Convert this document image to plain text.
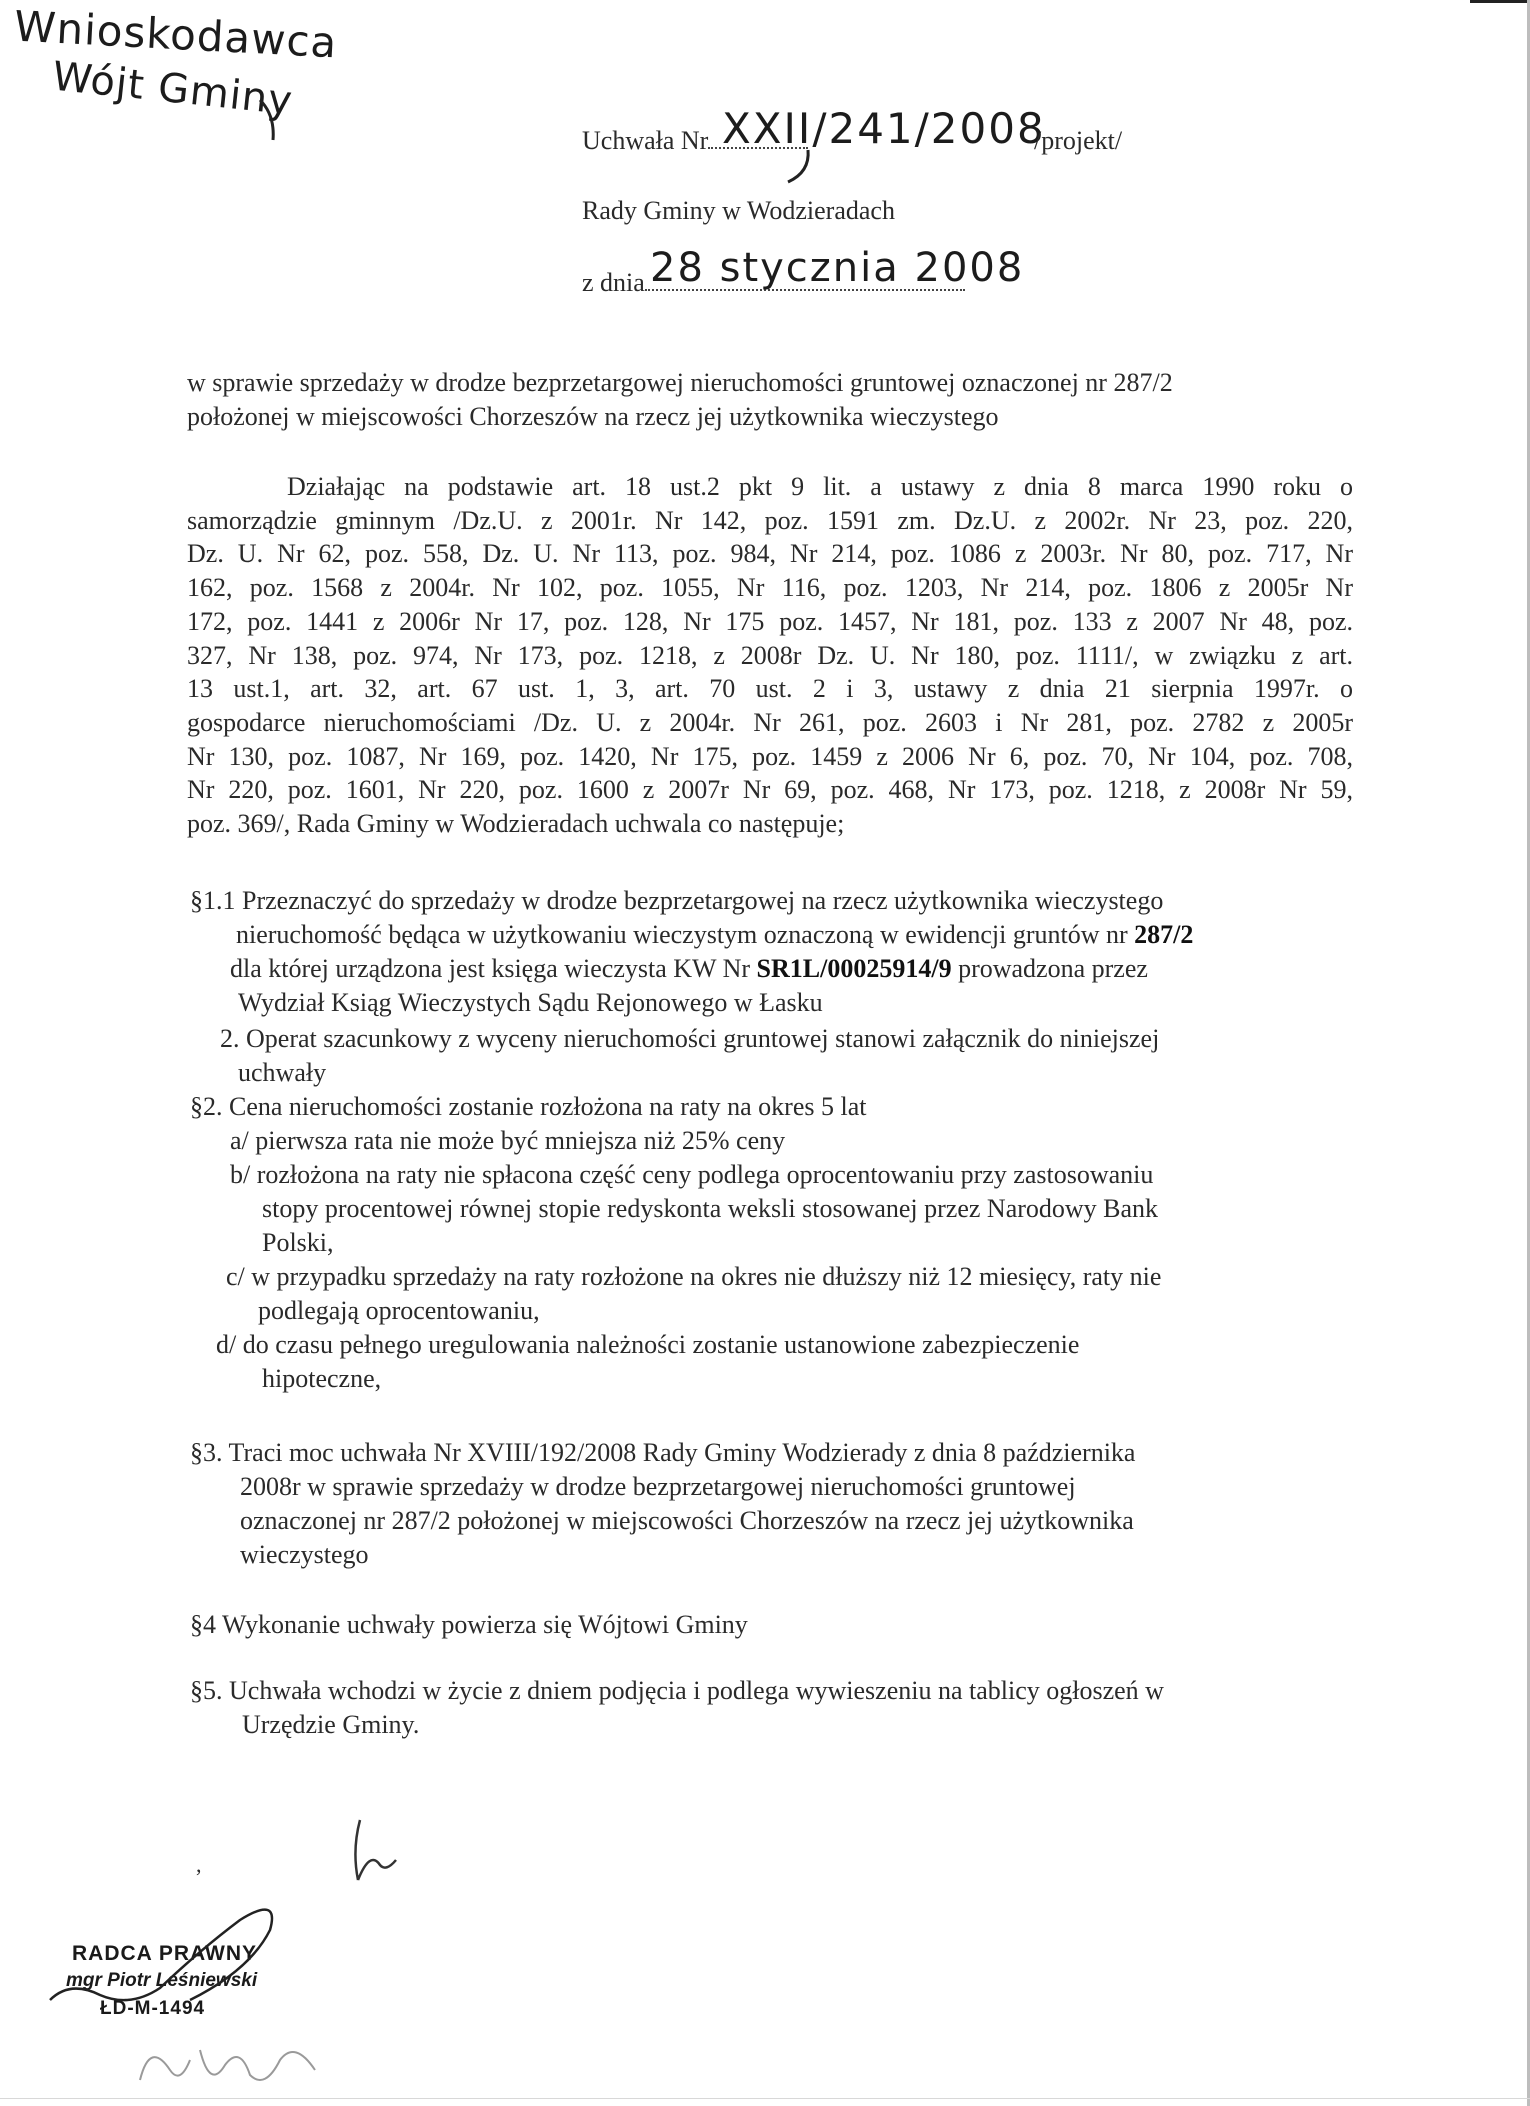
Wnioskodawca
Wójt Gminy
Uchwała Nr XXII/241/2008
/projekt/
Rady Gminy w Wodzieradach
z dnia 28 stycznia 2008
w sprawie sprzedaży w drodze bezprzetargowej nieruchomości gruntowej oznaczonej nr 287/2
położonej w miejscowości Chorzeszów na rzecz jej użytkownika wieczystego
Działając na podstawie art. 18 ust.2 pkt 9 lit. a ustawy z dnia 8 marca 1990 roku o
samorządzie gminnym /Dz.U. z 2001r. Nr 142, poz. 1591 zm. Dz.U. z 2002r. Nr 23, poz. 220,
Dz. U. Nr 62, poz. 558, Dz. U. Nr 113, poz. 984, Nr 214, poz. 1086 z 2003r. Nr 80, poz. 717, Nr
162, poz. 1568 z 2004r. Nr 102, poz. 1055, Nr 116, poz. 1203, Nr 214, poz. 1806 z 2005r Nr
172, poz. 1441 z 2006r Nr 17, poz. 128, Nr 175 poz. 1457, Nr 181, poz. 133 z 2007 Nr 48, poz.
327, Nr 138, poz. 974, Nr 173, poz. 1218, z 2008r Dz. U. Nr 180, poz. 1111/, w związku z art.
13 ust.1, art. 32, art. 67 ust. 1, 3, art. 70 ust. 2 i 3, ustawy z dnia 21 sierpnia 1997r. o
gospodarce nieruchomościami /Dz. U. z 2004r. Nr 261, poz. 2603 i Nr 281, poz. 2782 z 2005r
Nr 130, poz. 1087, Nr 169, poz. 1420, Nr 175, poz. 1459 z 2006 Nr 6, poz. 70, Nr 104, poz. 708,
Nr 220, poz. 1601, Nr 220, poz. 1600 z 2007r Nr 69, poz. 468, Nr 173, poz. 1218, z 2008r Nr 59,
poz. 369/, Rada Gminy w Wodzieradach uchwala co następuje;
§1.1 Przeznaczyć do sprzedaży w drodze bezprzetargowej na rzecz użytkownika wieczystego
nieruchomość będąca w użytkowaniu wieczystym oznaczoną w ewidencji gruntów nr 287/2
dla której urządzona jest księga wieczysta KW Nr SR1L/00025914/9 prowadzona przez
Wydział Ksiąg Wieczystych Sądu Rejonowego w Łasku
2. Operat szacunkowy z wyceny nieruchomości gruntowej stanowi załącznik do niniejszej
uchwały
§2. Cena nieruchomości zostanie rozłożona na raty na okres 5 lat
a/ pierwsza rata nie może być mniejsza niż 25% ceny
b/ rozłożona na raty nie spłacona część ceny podlega oprocentowaniu przy zastosowaniu
stopy procentowej równej stopie redyskonta weksli stosowanej przez Narodowy Bank
Polski,
c/ w przypadku sprzedaży na raty rozłożone na okres nie dłuższy niż 12 miesięcy, raty nie
podlegają oprocentowaniu,
d/ do czasu pełnego uregulowania należności zostanie ustanowione zabezpieczenie
hipoteczne,
§3. Traci moc uchwała Nr XVIII/192/2008 Rady Gminy Wodzierady z dnia 8 października
2008r w sprawie sprzedaży w drodze bezprzetargowej nieruchomości gruntowej
oznaczonej nr 287/2 położonej w miejscowości Chorzeszów na rzecz jej użytkownika
wieczystego
§4 Wykonanie uchwały powierza się Wójtowi Gminy
§5. Uchwała wchodzi w życie z dniem podjęcia i podlega wywieszeniu na tablicy ogłoszeń w
Urzędzie Gminy.
,
RADCA PRAWNY
mgr Piotr Leśniewski
ŁD-M-1494
